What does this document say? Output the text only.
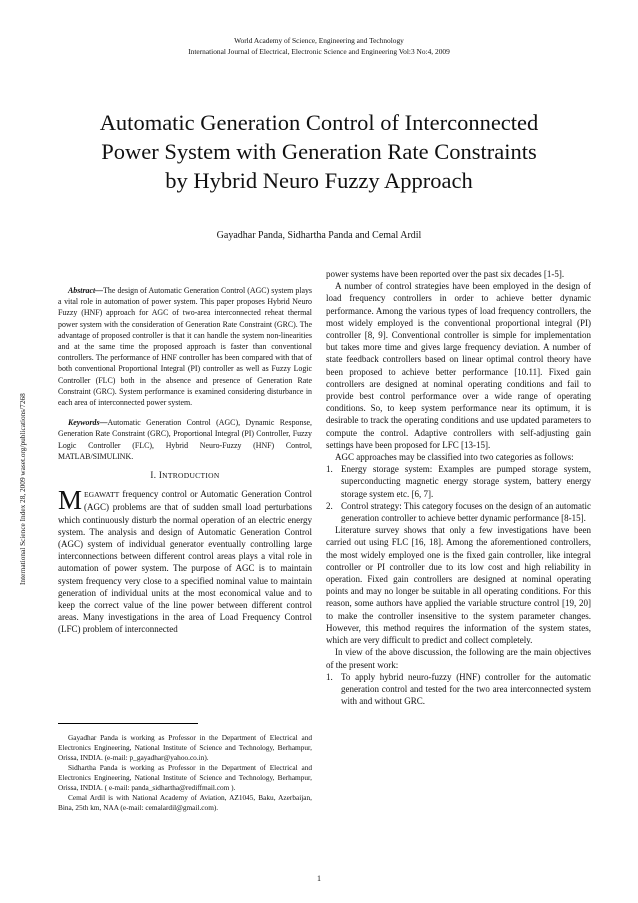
World Academy of Science, Engineering and Technology
International Journal of Electrical, Electronic Science and Engineering Vol:3 No:4, 2009
International Science Index 28, 2009 waset.org/publications/7268
Automatic Generation Control of Interconnected
Power System with Generation Rate Constraints
by Hybrid Neuro Fuzzy Approach
Gayadhar Panda, Sidhartha Panda and Cemal Ardil

Abstract—The design of Automatic Generation Control (AGC) system plays a vital role in automation of power system. This paper proposes Hybrid Neuro Fuzzy (HNF) approach for AGC of two-area interconnected reheat thermal power system with the consideration of Generation Rate Constraint (GRC). The advantage of proposed controller is that it can handle the system non-linearities and at the same time the proposed approach is faster than conventional controllers. The performance of HNF controller has been compared with that of both conventional Proportional Integral (PI) controller as well as Fuzzy Logic Controller (FLC) both in the absence and presence of Generation Rate Constraint (GRC). System performance is examined considering disturbance in each area of interconnected power system.

Keywords—Automatic Generation Control (AGC), Dynamic Response, Generation Rate Constraint (GRC), Proportional Integral (PI) Controller, Fuzzy Logic Controller (FLC), Hybrid Neuro-Fuzzy (HNF) Control, MATLAB/SIMULINK.

I. INTRODUCTION

MEGAWATT frequency control or Automatic Generation Control (AGC) problems are that of sudden small load perturbations which continuously disturb the normal operation of an electric energy system. The analysis and design of Automatic Generation Control (AGC) system of individual generator eventually controlling large interconnections between different control areas plays a vital role in automation of power system. The purpose of AGC is to maintain system frequency very close to a specified nominal value to maintain generation of individual units at the most economical value and to keep the correct value of the line power between different control areas. Many investigations in the area of Load Frequency Control (LFC) problem of interconnected

Gayadhar Panda is working as Professor in the Department of Electrical and Electronics Engineering, National Institute of Science and Technology, Berhampur, Orissa, INDIA. (e-mail: p_gayadhar@yahoo.co.in).

Sidhartha Panda is working as Professor in the Department of Electrical and Electronics Engineering, National Institute of Science and Technology, Berhampur, Orissa, INDIA. ( e-mail: panda_sidhartha@rediffmail.com ).

Cemal Ardil is with National Academy of Aviation, AZ1045, Baku, Azerbaijan, Bina, 25th km, NAA (e-mail: cemalardil@gmail.com).

power systems have been reported over the past six decades [1-5].

A number of control strategies have been employed in the design of load frequency controllers in order to achieve better dynamic performance. Among the various types of load frequency controllers, the most widely employed is the conventional proportional integral (PI) controller [8, 9]. Conventional controller is simple for implementation but takes more time and gives large frequency deviation. A number of state feedback controllers based on linear optimal control theory have been proposed to achieve better performance [10.11]. Fixed gain controllers are designed at nominal operating conditions and fail to provide best control performance over a wide range of operating conditions. So, to keep system performance near its optimum, it is desirable to track the operating conditions and use updated parameters to compute the control. Adaptive controllers with self-adjusting gain settings have been proposed for LFC [13-15].

AGC approaches may be classified into two categories as follows:

1. Energy storage system: Examples are pumped storage system, superconducting magnetic energy storage system, battery energy storage system etc. [6, 7].
2. Control strategy: This category focuses on the design of an automatic generation controller to achieve better dynamic performance [8-15].

Literature survey shows that only a few investigations have been carried out using FLC [16, 18]. Among the aforementioned controllers, the most widely employed one is the fixed gain controller, like integral controller or PI controller due to its low cost and high reliability in operation. Fixed gain controllers are designed at nominal operating points and may no longer be suitable in all operating conditions. For this reason, some authors have applied the variable structure control [19, 20] to make the controller insensitive to the system parameter changes. However, this method requires the information of the system states, which are very difficult to predict and collect completely.

In view of the above discussion, the following are the main objectives of the present work:

1. To apply hybrid neuro-fuzzy (HNF) controller for the automatic generation control and tested for the two area interconnected system with and without GRC.
1
